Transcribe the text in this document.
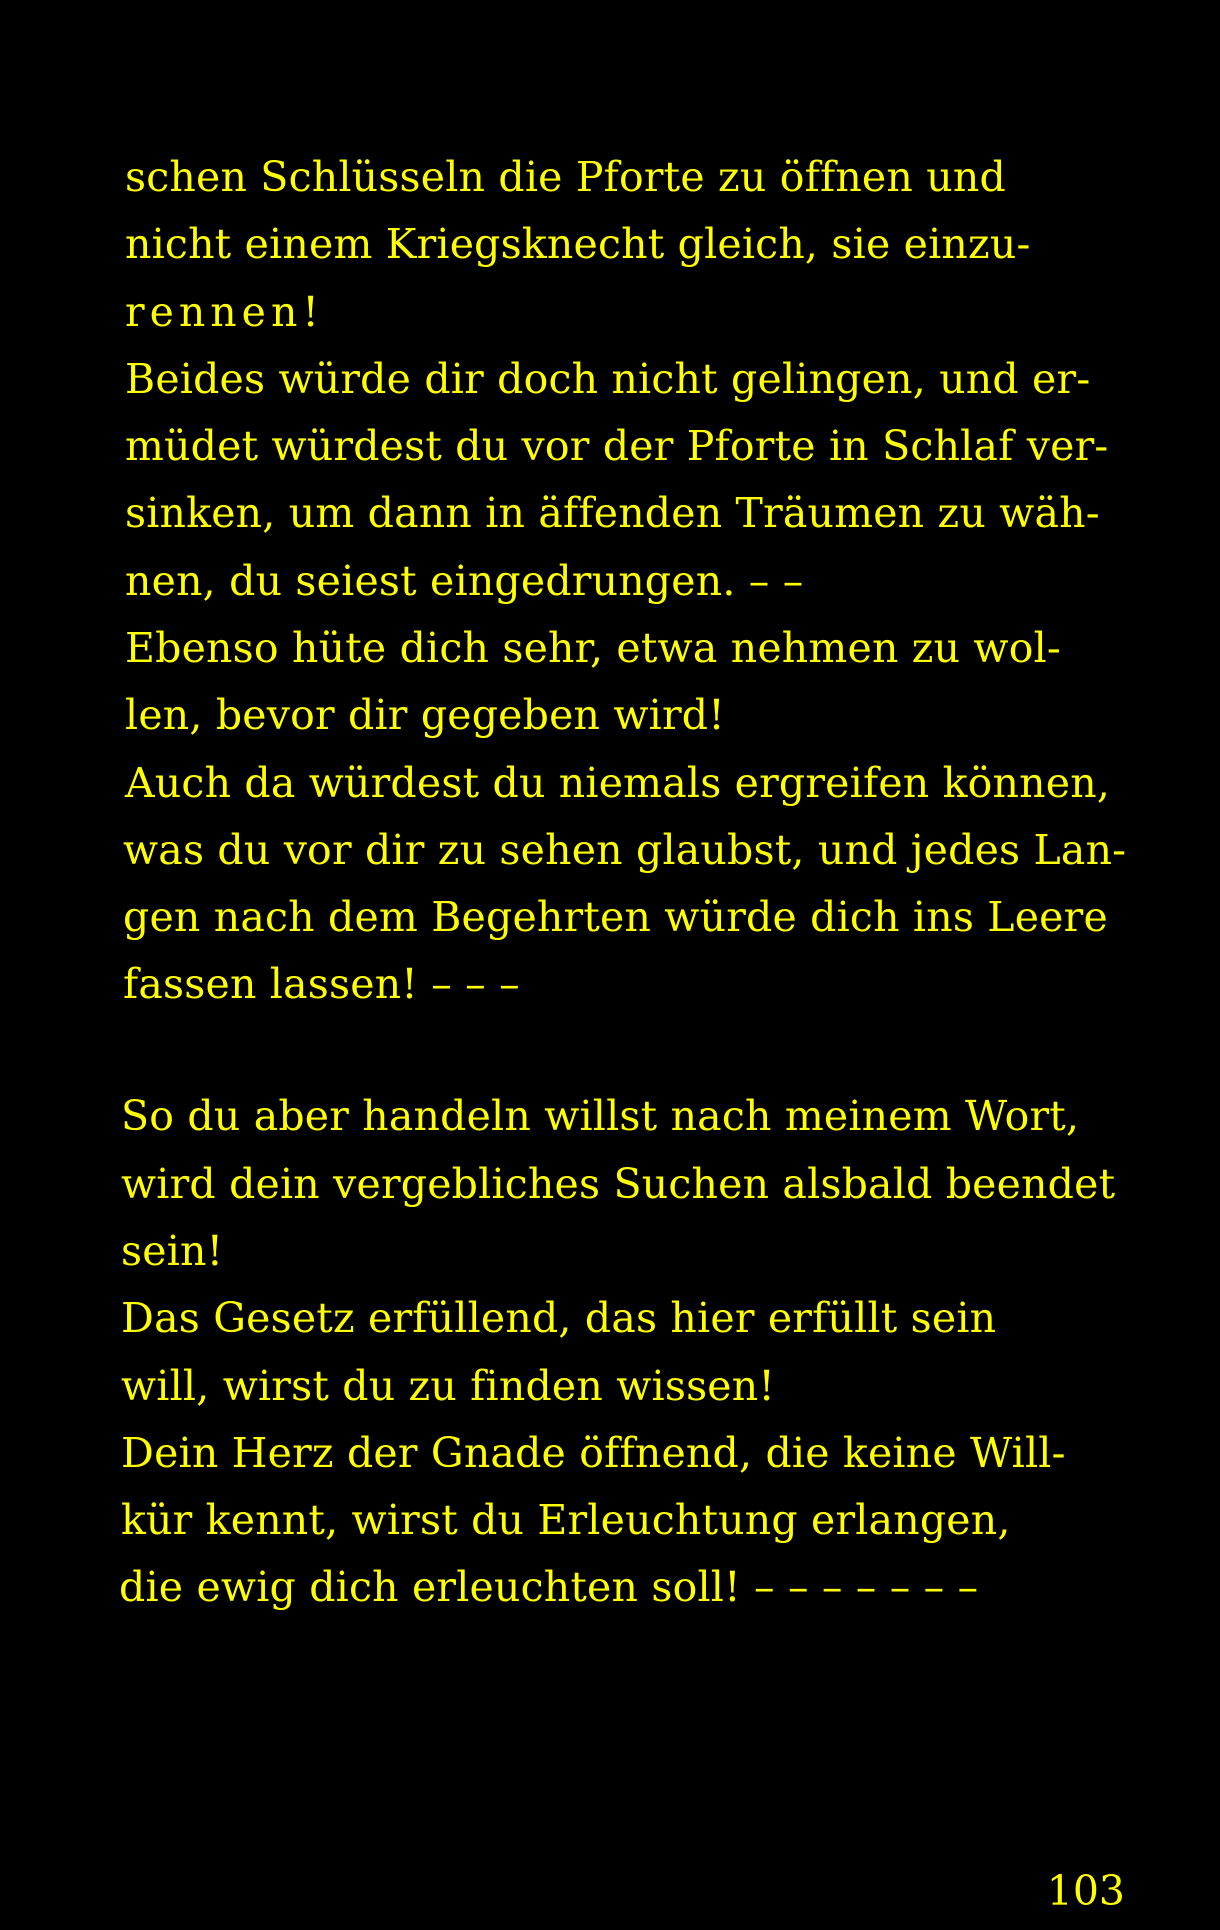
schen Schlüsseln die Pforte zu öffnen und
nicht einem Kriegsknecht gleich, sie einzu-
rennen!
Beides würde dir doch nicht gelingen, und er-
müdet würdest du vor der Pforte in Schlaf ver-
sinken, um dann in äffenden Träumen zu wäh-
nen, du seiest eingedrungen. – –
Ebenso hüte dich sehr, etwa nehmen zu wol-
len, bevor dir gegeben wird!
Auch da würdest du niemals ergreifen können,
was du vor dir zu sehen glaubst, und jedes Lan-
gen nach dem Begehrten würde dich ins Leere
fassen lassen! – – –
So du aber handeln willst nach meinem Wort,
wird dein vergebliches Suchen alsbald beendet
sein!
Das Gesetz erfüllend, das hier erfüllt sein
will, wirst du zu finden wissen!
Dein Herz der Gnade öffnend, die keine Will-
kür kennt, wirst du Erleuchtung erlangen,
die ewig dich erleuchten soll! – – – – – – –
103
